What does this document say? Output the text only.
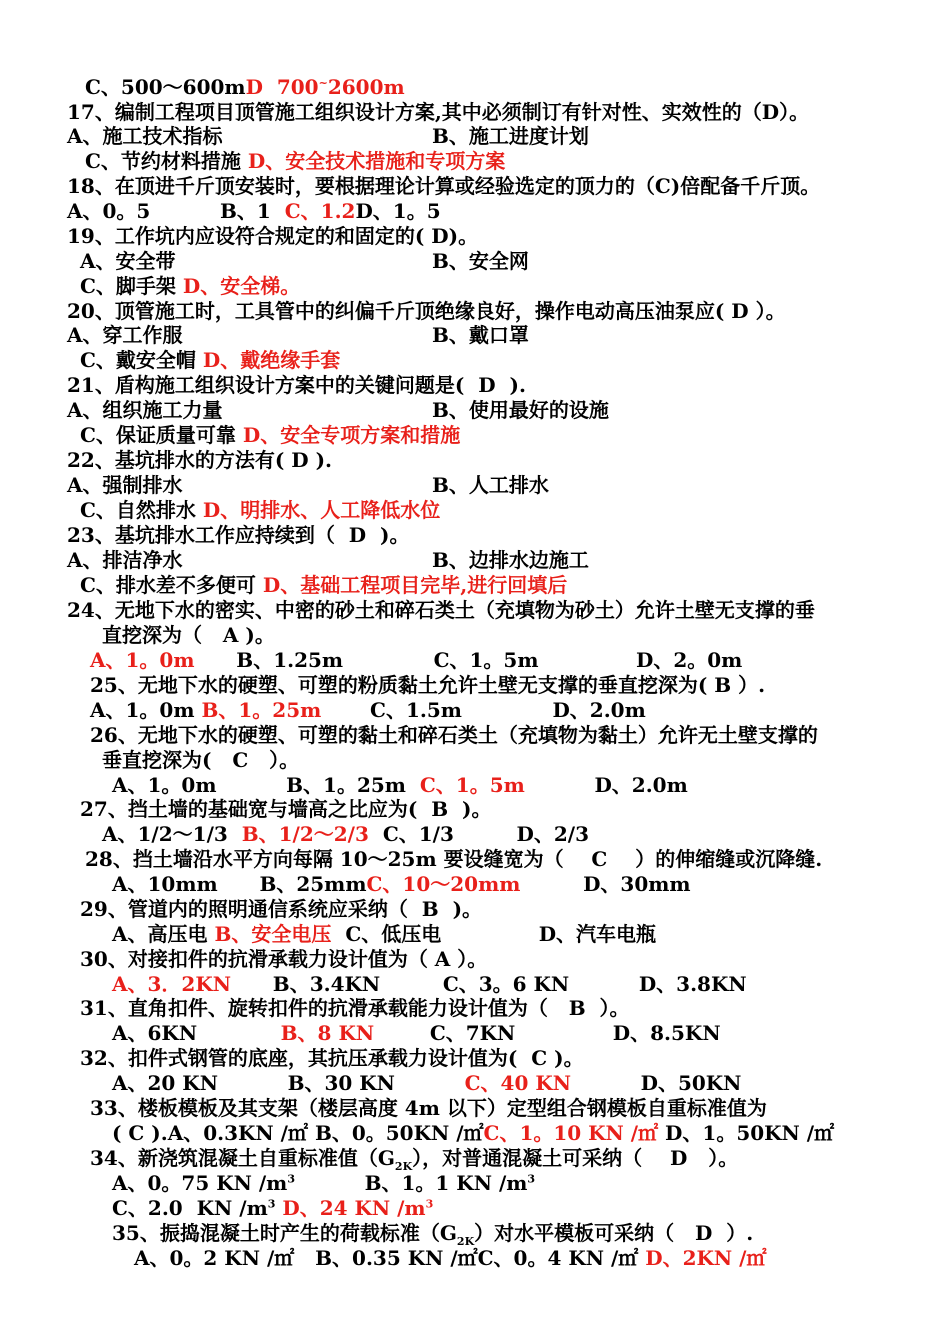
C、500～600mD  700~2600m
17、编制工程项目顶管施工组织设计方案,其中必须制订有针对性、实效性的（D）。
A、施工技术指标	B、施工进度计划
C、节约材料措施 D、安全技术措施和专项方案
18、在顶进千斤顶安装时，要根据理论计算或经验选定的顶力的（C)倍配备千斤顶。
A、0。5          B、1  C、1.2D、1。5
19、工作坑内应设符合规定的和固定的( D)。
A、安全带	B、安全网
C、脚手架 D、安全梯。
20、顶管施工时，工具管中的纠偏千斤顶绝缘良好，操作电动高压油泵应( D ）。
A、穿工作服	B、戴口罩
C、戴安全帽 D、戴绝缘手套
21、盾构施工组织设计方案中的关键问题是(  D  ).
A、组织施工力量	B、使用最好的设施
C、保证质量可靠 D、安全专项方案和措施
22、基坑排水的方法有( D ).
A、强制排水	B、人工排水
C、自然排水 D、明排水、人工降低水位
23、基坑排水工作应持续到（  D  )。
A、排洁净水	B、边排水边施工
C、排水差不多便可 D、基础工程项目完毕,进行回填后
24、无地下水的密实、中密的砂土和碎石类土（充填物为砂土）允许土壁无支撑的垂
直挖深为（   A )。
A、1。0m      B、1.25m             C、1。5m              D、2。0m
25、无地下水的硬塑、可塑的粉质黏土允许土壁无支撑的垂直挖深为( B ）.
A、1。0m B、1。25m       C、1.5m             D、2.0m
26、无地下水的硬塑、可塑的黏土和碎石类土（充填物为黏土）允许无土壁支撑的
垂直挖深为(   C   ）。
A、1。0m          B、1。25m  C、1。5m          D、2.0m
27、挡土墙的基础宽与墙高之比应为(  B  )。
A、1/2～1/3  B、1/2～2/3  C、1/3         D、2/3
28、挡土墙沿水平方向每隔 10～25m 要设缝宽为（    C    ）的伸缩缝或沉降缝.
A、10mm      B、25mmC、10～20mm         D、30mm
29、管道内的照明通信系统应采纳（  B  )。
A、高压电 B、安全电压  C、低压电              D、汽车电瓶
30、对接扣件的抗滑承载力设计值为（ A ）。
A、3．2KN      B、3.4KN         C、3。6 KN          D、3.8KN
31、直角扣件、旋转扣件的抗滑承载能力设计值为（   B  ）。
A、6KN            B、8 KN        C、7KN              D、8.5KN
32、扣件式钢管的底座，其抗压承载力设计值为(  C )。
A、20 KN          B、30 KN          C、40 KN          D、50KN
33、楼板模板及其支架（楼层高度 4m 以下）定型组合钢模板自重标准值为
( C ).A、0.3KN /㎡ B、0。50KN /㎡C、1。10 KN /㎡ D、1。50KN /㎡
34、新浇筑混凝土自重标准值$(G_{2K})$，对普通混凝土可采纳（    D   ）。
A、0。75 KN $/m^3$          B、1。1 KN $/m^3$
C、2.0  KN $/m^3$ D、24 KN $/m^3$
35、振捣混凝土时产生的荷载标准$(G_{2K})$对水平模板可采纳（   D  ）.
A、0。2 KN /㎡   B、0.35 KN /㎡C、0。4 KN /㎡ D、2KN /㎡
